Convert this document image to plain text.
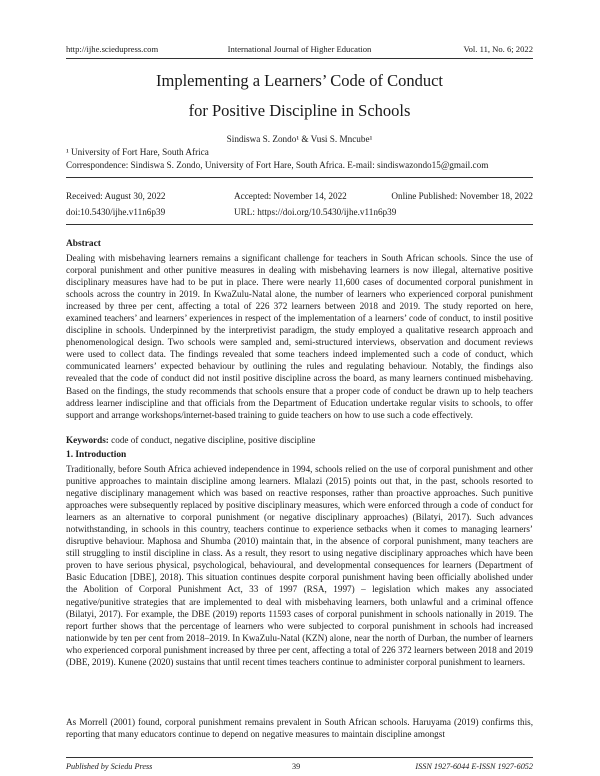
http://ijhe.sciedupress.com	International Journal of Higher Education	Vol. 11, No. 6; 2022
Implementing a Learners’ Code of Conduct
for Positive Discipline in Schools
Sindiswa S. Zondo¹ & Vusi S. Mncube¹
¹ University of Fort Hare, South Africa
Correspondence: Sindiswa S. Zondo, University of Fort Hare, South Africa. E-mail: sindiswazondo15@gmail.com
Received: August 30, 2022	Accepted: November 14, 2022	Online Published: November 18, 2022
doi:10.5430/ijhe.v11n6p39	URL: https://doi.org/10.5430/ijhe.v11n6p39
Abstract
Dealing with misbehaving learners remains a significant challenge for teachers in South African schools. Since the use of corporal punishment and other punitive measures in dealing with misbehaving learners is now illegal, alternative positive disciplinary measures have had to be put in place. There were nearly 11,600 cases of documented corporal punishment in schools across the country in 2019. In KwaZulu-Natal alone, the number of learners who experienced corporal punishment increased by three per cent, affecting a total of 226 372 learners between 2018 and 2019. The study reported on here, examined teachers’ and learners’ experiences in respect of the implementation of a learners’ code of conduct, to instil positive discipline in schools. Underpinned by the interpretivist paradigm, the study employed a qualitative research approach and phenomenological design. Two schools were sampled and, semi-structured interviews, observation and document reviews were used to collect data. The findings revealed that some teachers indeed implemented such a code of conduct, which communicated learners’ expected behaviour by outlining the rules and regulating behaviour. Notably, the findings also revealed that the code of conduct did not instil positive discipline across the board, as many learners continued misbehaving. Based on the findings, the study recommends that schools ensure that a proper code of conduct be drawn up to help teachers address learner indiscipline and that officials from the Department of Education undertake regular visits to schools, to offer support and arrange workshops/internet-based training to guide teachers on how to use such a code effectively.
Keywords: code of conduct, negative discipline, positive discipline
1. Introduction
Traditionally, before South Africa achieved independence in 1994, schools relied on the use of corporal punishment and other punitive approaches to maintain discipline among learners. Mlalazi (2015) points out that, in the past, schools resorted to negative disciplinary management which was based on reactive responses, rather than proactive approaches. Such punitive approaches were subsequently replaced by positive disciplinary measures, which were enforced through a code of conduct for learners as an alternative to corporal punishment (or negative disciplinary approaches) (Bilatyi, 2017). Such advances notwithstanding, in schools in this country, teachers continue to experience setbacks when it comes to managing learners’ disruptive behaviour. Maphosa and Shumba (2010) maintain that, in the absence of corporal punishment, many teachers are still struggling to instil discipline in class. As a result, they resort to using negative disciplinary approaches which have been proven to have serious physical, psychological, behavioural, and developmental consequences for learners (Department of Basic Education [DBE], 2018). This situation continues despite corporal punishment having been officially abolished under the Abolition of Corporal Punishment Act, 33 of 1997 (RSA, 1997) – legislation which makes any associated negative/punitive strategies that are implemented to deal with misbehaving learners, both unlawful and a criminal offence (Bilatyi, 2017). For example, the DBE (2019) reports 11593 cases of corporal punishment in schools nationally in 2019. The report further shows that the percentage of learners who were subjected to corporal punishment in schools had increased nationwide by ten per cent from 2018–2019. In KwaZulu-Natal (KZN) alone, near the north of Durban, the number of learners who experienced corporal punishment increased by three per cent, affecting a total of 226 372 learners between 2018 and 2019 (DBE, 2019). Kunene (2020) sustains that until recent times teachers continue to administer corporal punishment to learners.
As Morrell (2001) found, corporal punishment remains prevalent in South African schools. Haruyama (2019) confirms this, reporting that many educators continue to depend on negative measures to maintain discipline amongst
Published by Sciedu Press	39	ISSN 1927-6044 E-ISSN 1927-6052
